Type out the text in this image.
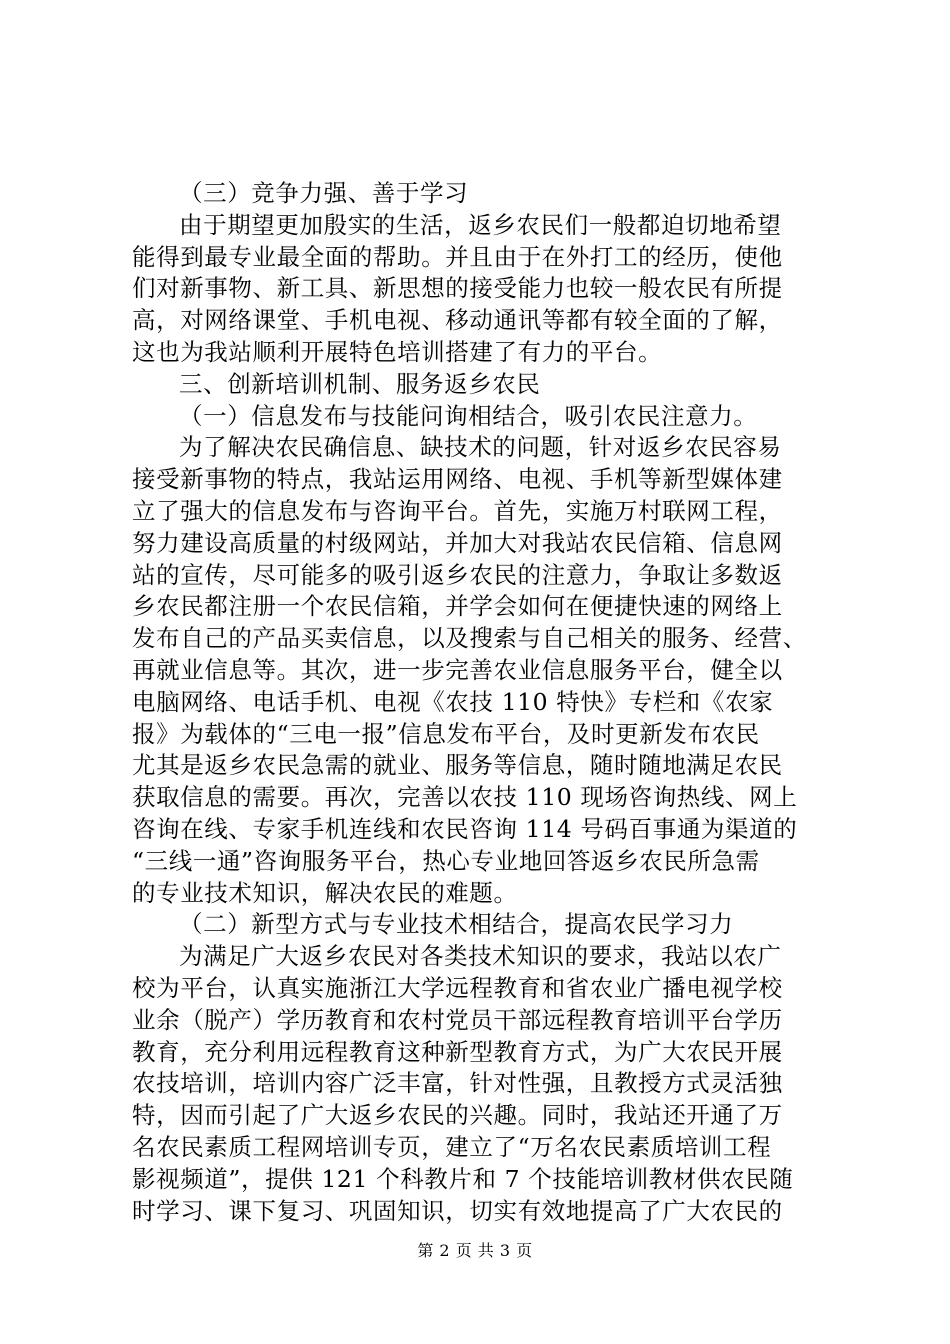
（三）竞争力强、善于学习
由于期望更加殷实的生活，返乡农民们一般都迫切地希望
能得到最专业最全面的帮助。并且由于在外打工的经历，使他
们对新事物、新工具、新思想的接受能力也较一般农民有所提
高，对网络课堂、手机电视、移动通讯等都有较全面的了解，
这也为我站顺利开展特色培训搭建了有力的平台。
三、创新培训机制、服务返乡农民
（一）信息发布与技能问询相结合，吸引农民注意力。
为了解决农民确信息、缺技术的问题，针对返乡农民容易
接受新事物的特点，我站运用网络、电视、手机等新型媒体建
立了强大的信息发布与咨询平台。首先，实施万村联网工程，
努力建设高质量的村级网站，并加大对我站农民信箱、信息网
站的宣传，尽可能多的吸引返乡农民的注意力，争取让多数返
乡农民都注册一个农民信箱，并学会如何在便捷快速的网络上
发布自己的产品买卖信息，以及搜索与自己相关的服务、经营、
再就业信息等。其次，进一步完善农业信息服务平台，健全以
电脑网络、电话手机、电视《农技 110 特快》专栏和《农家
报》为载体的“三电一报”信息发布平台，及时更新发布农民
尤其是返乡农民急需的就业、服务等信息，随时随地满足农民
获取信息的需要。再次，完善以农技 110 现场咨询热线、网上
咨询在线、专家手机连线和农民咨询 114 号码百事通为渠道的
“三线一通”咨询服务平台，热心专业地回答返乡农民所急需
的专业技术知识，解决农民的难题。
（二）新型方式与专业技术相结合，提高农民学习力
为满足广大返乡农民对各类技术知识的要求，我站以农广
校为平台，认真实施浙江大学远程教育和省农业广播电视学校
业余（脱产）学历教育和农村党员干部远程教育培训平台学历
教育，充分利用远程教育这种新型教育方式，为广大农民开展
农技培训，培训内容广泛丰富，针对性强，且教授方式灵活独
特，因而引起了广大返乡农民的兴趣。同时，我站还开通了万
名农民素质工程网培训专页，建立了“万名农民素质培训工程
影视频道”，提供 121 个科教片和 7 个技能培训教材供农民随
时学习、课下复习、巩固知识，切实有效地提高了广大农民的
第 2 页 共 3 页
